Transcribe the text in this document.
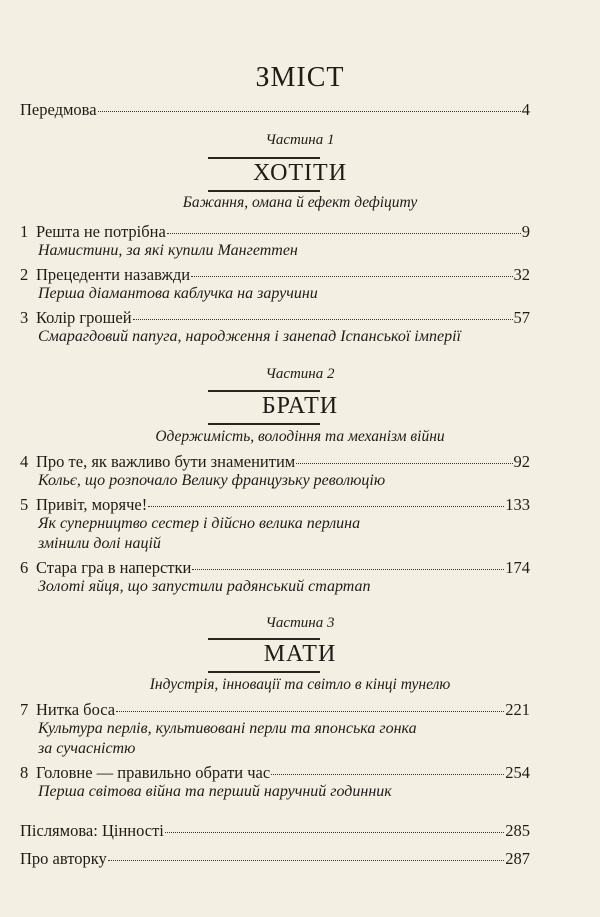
ЗМІСТ
Передмова	4
Частина 1
ХОТІТИ
Бажання, омана й ефект дефіциту
1 Решта не потрібна	9
Намистини, за які купили Мангеттен
2 Прецеденти назавжди	32
Перша діамантова каблучка на заручини
3 Колір грошей	57
Смарагдовий папуга, народження і занепад Іспанської імперії
Частина 2
БРАТИ
Одержимість, володіння та механізм війни
4 Про те, як важливо бути знаменитим	92
Кольє, що розпочало Велику французьку революцію
5 Привіт, моряче!	133
Як суперництво сестер і дійсно велика перлина
змінили долі націй
6 Стара гра в наперстки	174
Золоті яйця, що запустили радянський стартап
Частина 3
МАТИ
Індустрія, інновації та світло в кінці тунелю
7 Нитка боса	221
Культура перлів, культивовані перли та японська гонка
за сучасністю
8 Головне — правильно обрати час	254
Перша світова війна та перший наручний годинник
Післямова: Цінності	285
Про авторку	287
